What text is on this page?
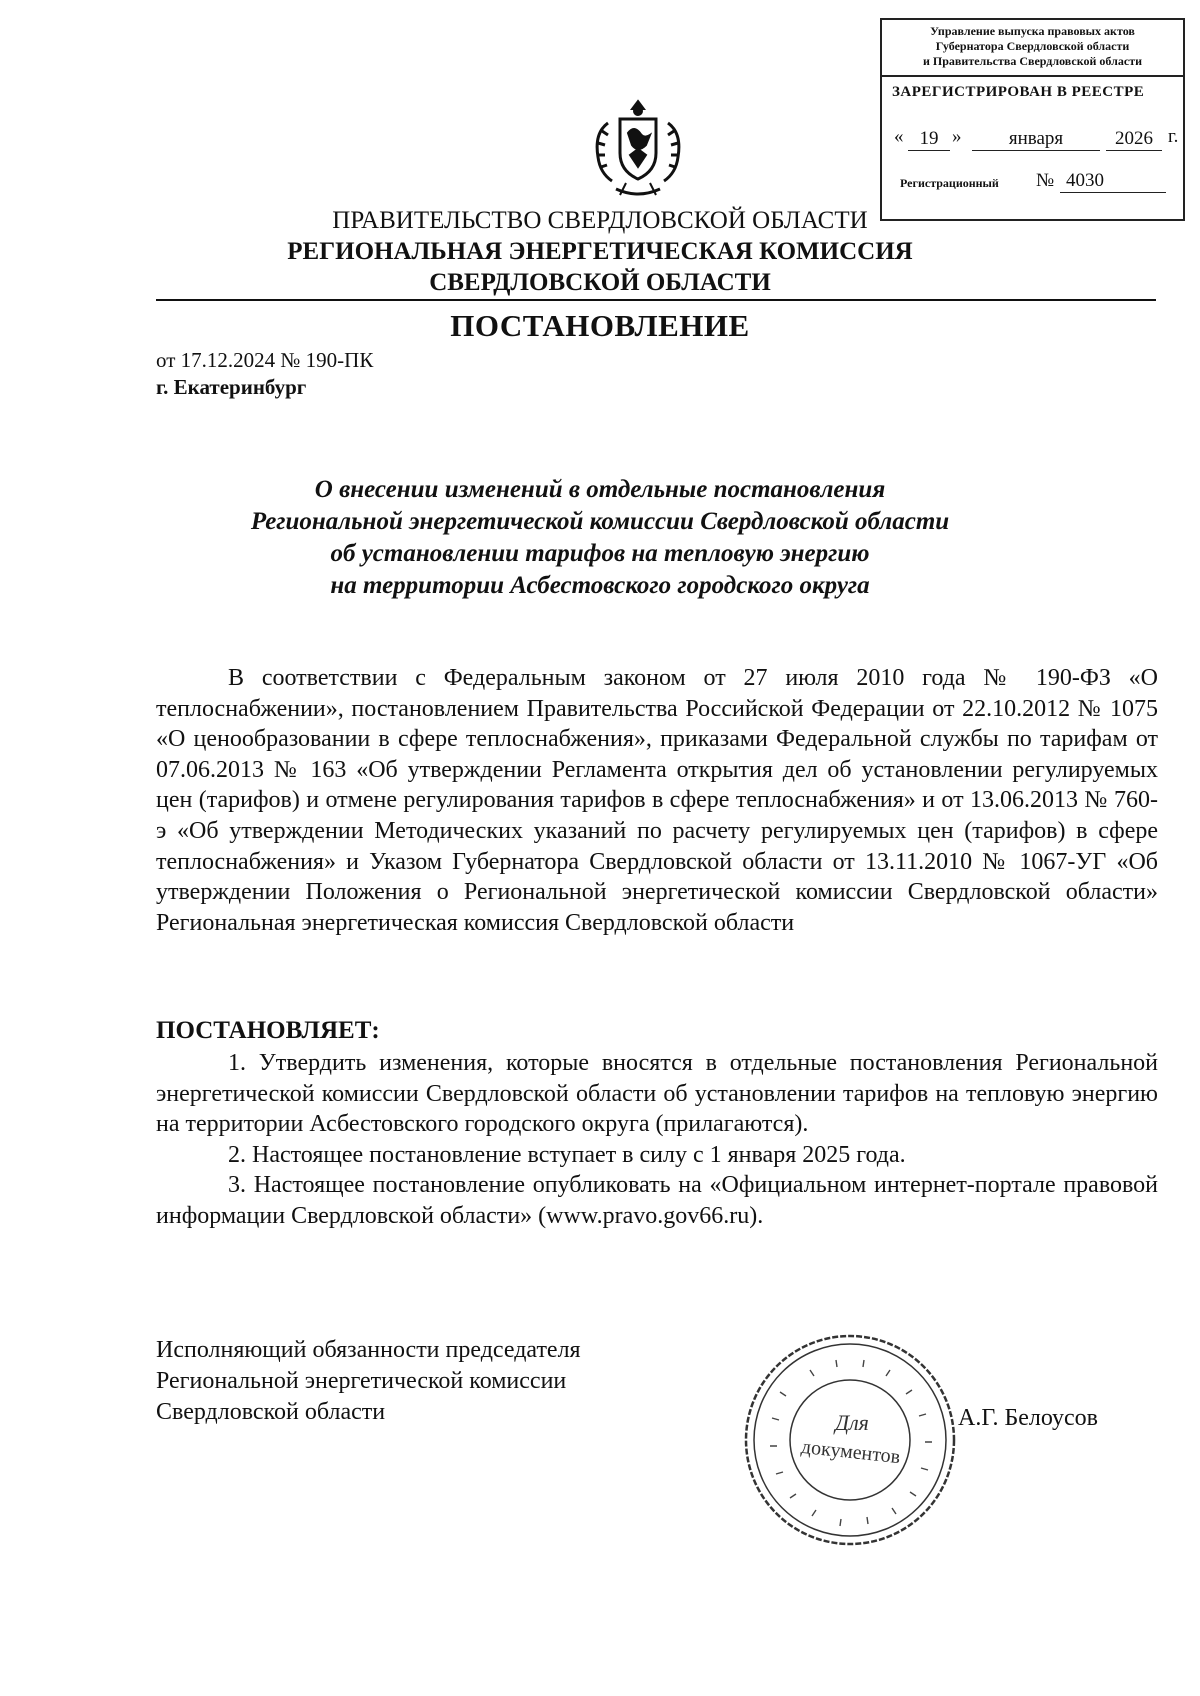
Управление выпуска правовых актов
Губернатора Свердловской области
и Правительства Свердловской области
ЗАРЕГИСТРИРОВАН В РЕЕСТРЕ
« 19 »	января	2026 г.
Регистрационный № 4030
ПРАВИТЕЛЬСТВО СВЕРДЛОВСКОЙ ОБЛАСТИ
РЕГИОНАЛЬНАЯ ЭНЕРГЕТИЧЕСКАЯ КОМИССИЯ
СВЕРДЛОВСКОЙ ОБЛАСТИ
ПОСТАНОВЛЕНИЕ
от 17.12.2024 № 190-ПК
г. Екатеринбург
О внесении изменений в отдельные постановления
Региональной энергетической комиссии Свердловской области
об установлении тарифов на тепловую энергию
на территории Асбестовского городского округа
В соответствии с Федеральным законом от 27 июля 2010 года № 190-ФЗ «О теплоснабжении», постановлением Правительства Российской Федерации от 22.10.2012 № 1075 «О ценообразовании в сфере теплоснабжения», приказами Федеральной службы по тарифам от 07.06.2013 № 163 «Об утверждении Регламента открытия дел об установлении регулируемых цен (тарифов) и отмене регулирования тарифов в сфере теплоснабжения» и от 13.06.2013 № 760-э «Об утверждении Методических указаний по расчету регулируемых цен (тарифов) в сфере теплоснабжения» и Указом Губернатора Свердловской области от 13.11.2010 № 1067-УГ «Об утверждении Положения о Региональной энергетической комиссии Свердловской области» Региональная энергетическая комиссия Свердловской области
ПОСТАНОВЛЯЕТ:
1. Утвердить изменения, которые вносятся в отдельные постановления Региональной энергетической комиссии Свердловской области об установлении тарифов на тепловую энергию на территории Асбестовского городского округа (прилагаются).
2. Настоящее постановление вступает в силу с 1 января 2025 года.
3. Настоящее постановление опубликовать на «Официальном интернет-портале правовой информации Свердловской области» (www.pravo.gov66.ru).
Исполняющий обязанности председателя
Региональной энергетической комиссии
Свердловской области	Для
документов
А.Г. Белоусов
